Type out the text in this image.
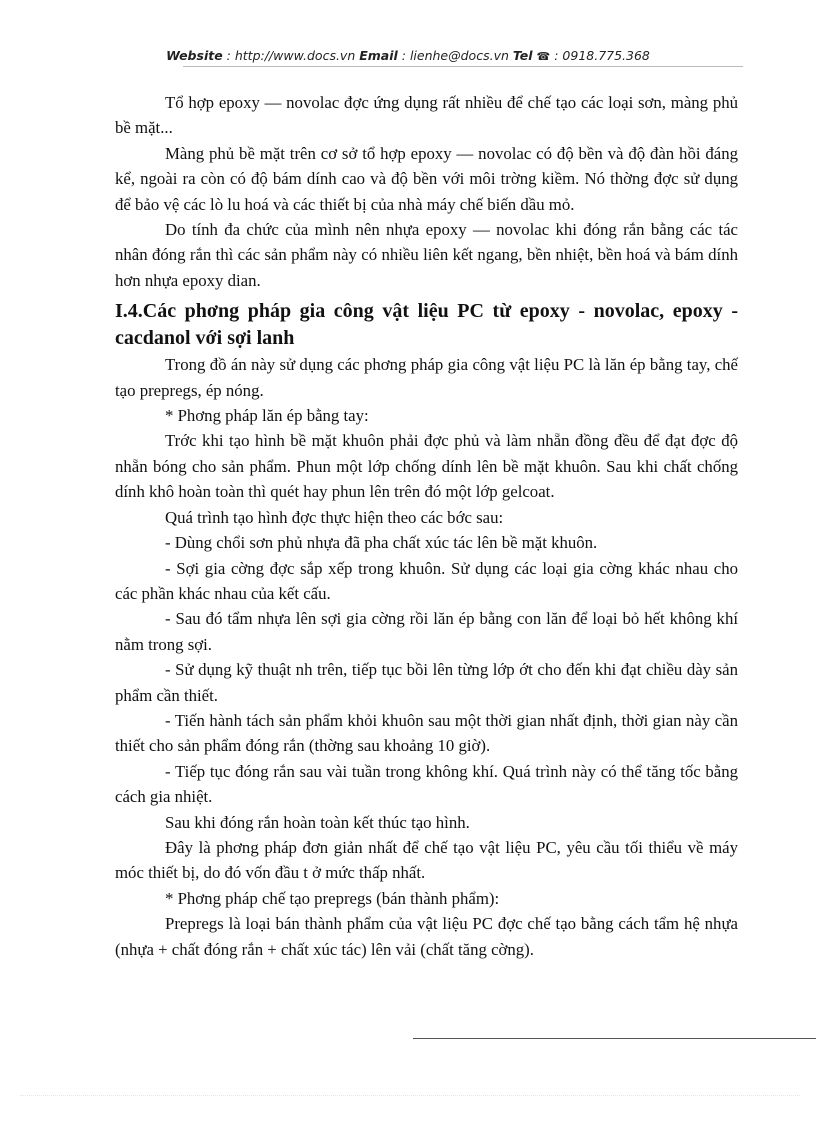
Website : http://www.docs.vn Email : lienhe@docs.vn Tel ☎ : 0918.775.368

Tổ hợp epoxy — novolac đợc ứng dụng rất nhiều để chế tạo các loại sơn, màng phủ bề mặt...

Màng phủ bề mặt trên cơ sở tổ hợp epoxy — novolac có độ bền và độ đàn hồi đáng kể, ngoài ra còn có độ bám dính cao và độ bền với môi trờng kiềm. Nó thờng đợc sử dụng để bảo vệ các lò lu hoá và các thiết bị của nhà máy chế biến dầu mỏ.

Do tính đa chức của mình nên nhựa epoxy — novolac khi đóng rắn bằng các tác nhân đóng rắn thì các sản phẩm này có nhiều liên kết ngang, bền nhiệt, bền hoá và bám dính hơn nhựa epoxy dian.

I.4.Các phơng pháp gia công vật liệu PC từ epoxy - novolac, epoxy - cacdanol với sợi lanh

Trong đồ án này sử dụng các phơng pháp gia công vật liệu PC là lăn ép bằng tay, chế tạo prepregs, ép nóng.

* Phơng pháp lăn ép bằng tay:

Trớc khi tạo hình bề mặt khuôn phải đợc phủ và làm nhẵn đồng đều để đạt đợc độ nhẵn bóng cho sản phẩm. Phun một lớp chống dính lên bề mặt khuôn. Sau khi chất chống dính khô hoàn toàn thì quét hay phun lên trên đó một lớp gelcoat.

Quá trình tạo hình đợc thực hiện theo các bớc sau:

- Dùng chổi sơn phủ nhựa đã pha chất xúc tác lên bề mặt khuôn.

- Sợi gia cờng đợc sắp xếp trong khuôn. Sử dụng các loại gia cờng khác nhau cho các phần khác nhau của kết cấu.

- Sau đó tẩm nhựa lên sợi gia cờng rồi lăn ép bằng con lăn để loại bỏ hết không khí nằm trong sợi.

- Sử dụng kỹ thuật nh trên, tiếp tục bồi lên từng lớp ớt cho đến khi đạt chiều dày sản phẩm cần thiết.

- Tiến hành tách sản phẩm khỏi khuôn sau một thời gian nhất định, thời gian này cần thiết cho sản phẩm đóng rắn (thờng sau khoảng 10 giờ).

- Tiếp tục đóng rắn sau vài tuần trong không khí. Quá trình này có thể tăng tốc bằng cách gia nhiệt.

Sau khi đóng rắn hoàn toàn kết thúc tạo hình.

Đây là phơng pháp đơn giản nhất để chế tạo vật liệu PC, yêu cầu tối thiểu về máy móc thiết bị, do đó vốn đầu t ở mức thấp nhất.

* Phơng pháp chế tạo prepregs (bán thành phẩm):

Prepregs là loại bán thành phẩm của vật liệu PC đợc chế tạo bằng cách tẩm hệ nhựa (nhựa + chất đóng rắn + chất xúc tác) lên vải (chất tăng cờng).
